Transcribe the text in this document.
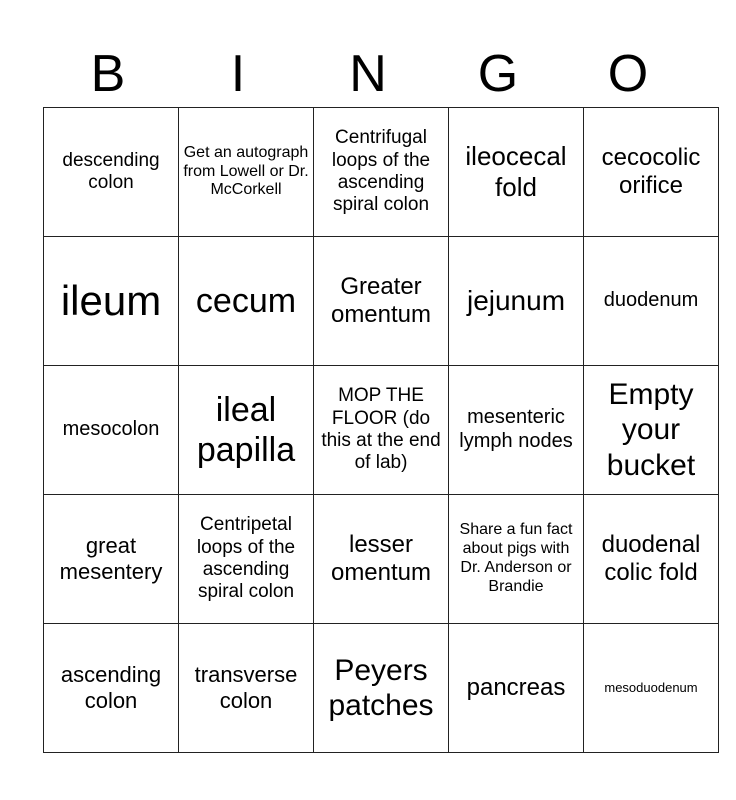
B	I	N	G	O
descending colon	Get an autograph from Lowell or Dr. McCorkell	Centrifugal loops of the ascending spiral colon	ileocecal fold	cecocolic orifice
ileum	cecum	Greater omentum	jejunum	duodenum
mesocolon	ileal papilla	MOP THE FLOOR (do this at the end of lab)	mesenteric lymph nodes	Empty your bucket
great mesentery	Centripetal loops of the ascending spiral colon	lesser omentum	Share a fun fact about pigs with Dr. Anderson or Brandie	duodenal colic fold
ascending colon	transverse colon	Peyers patches	pancreas	mesoduodenum
